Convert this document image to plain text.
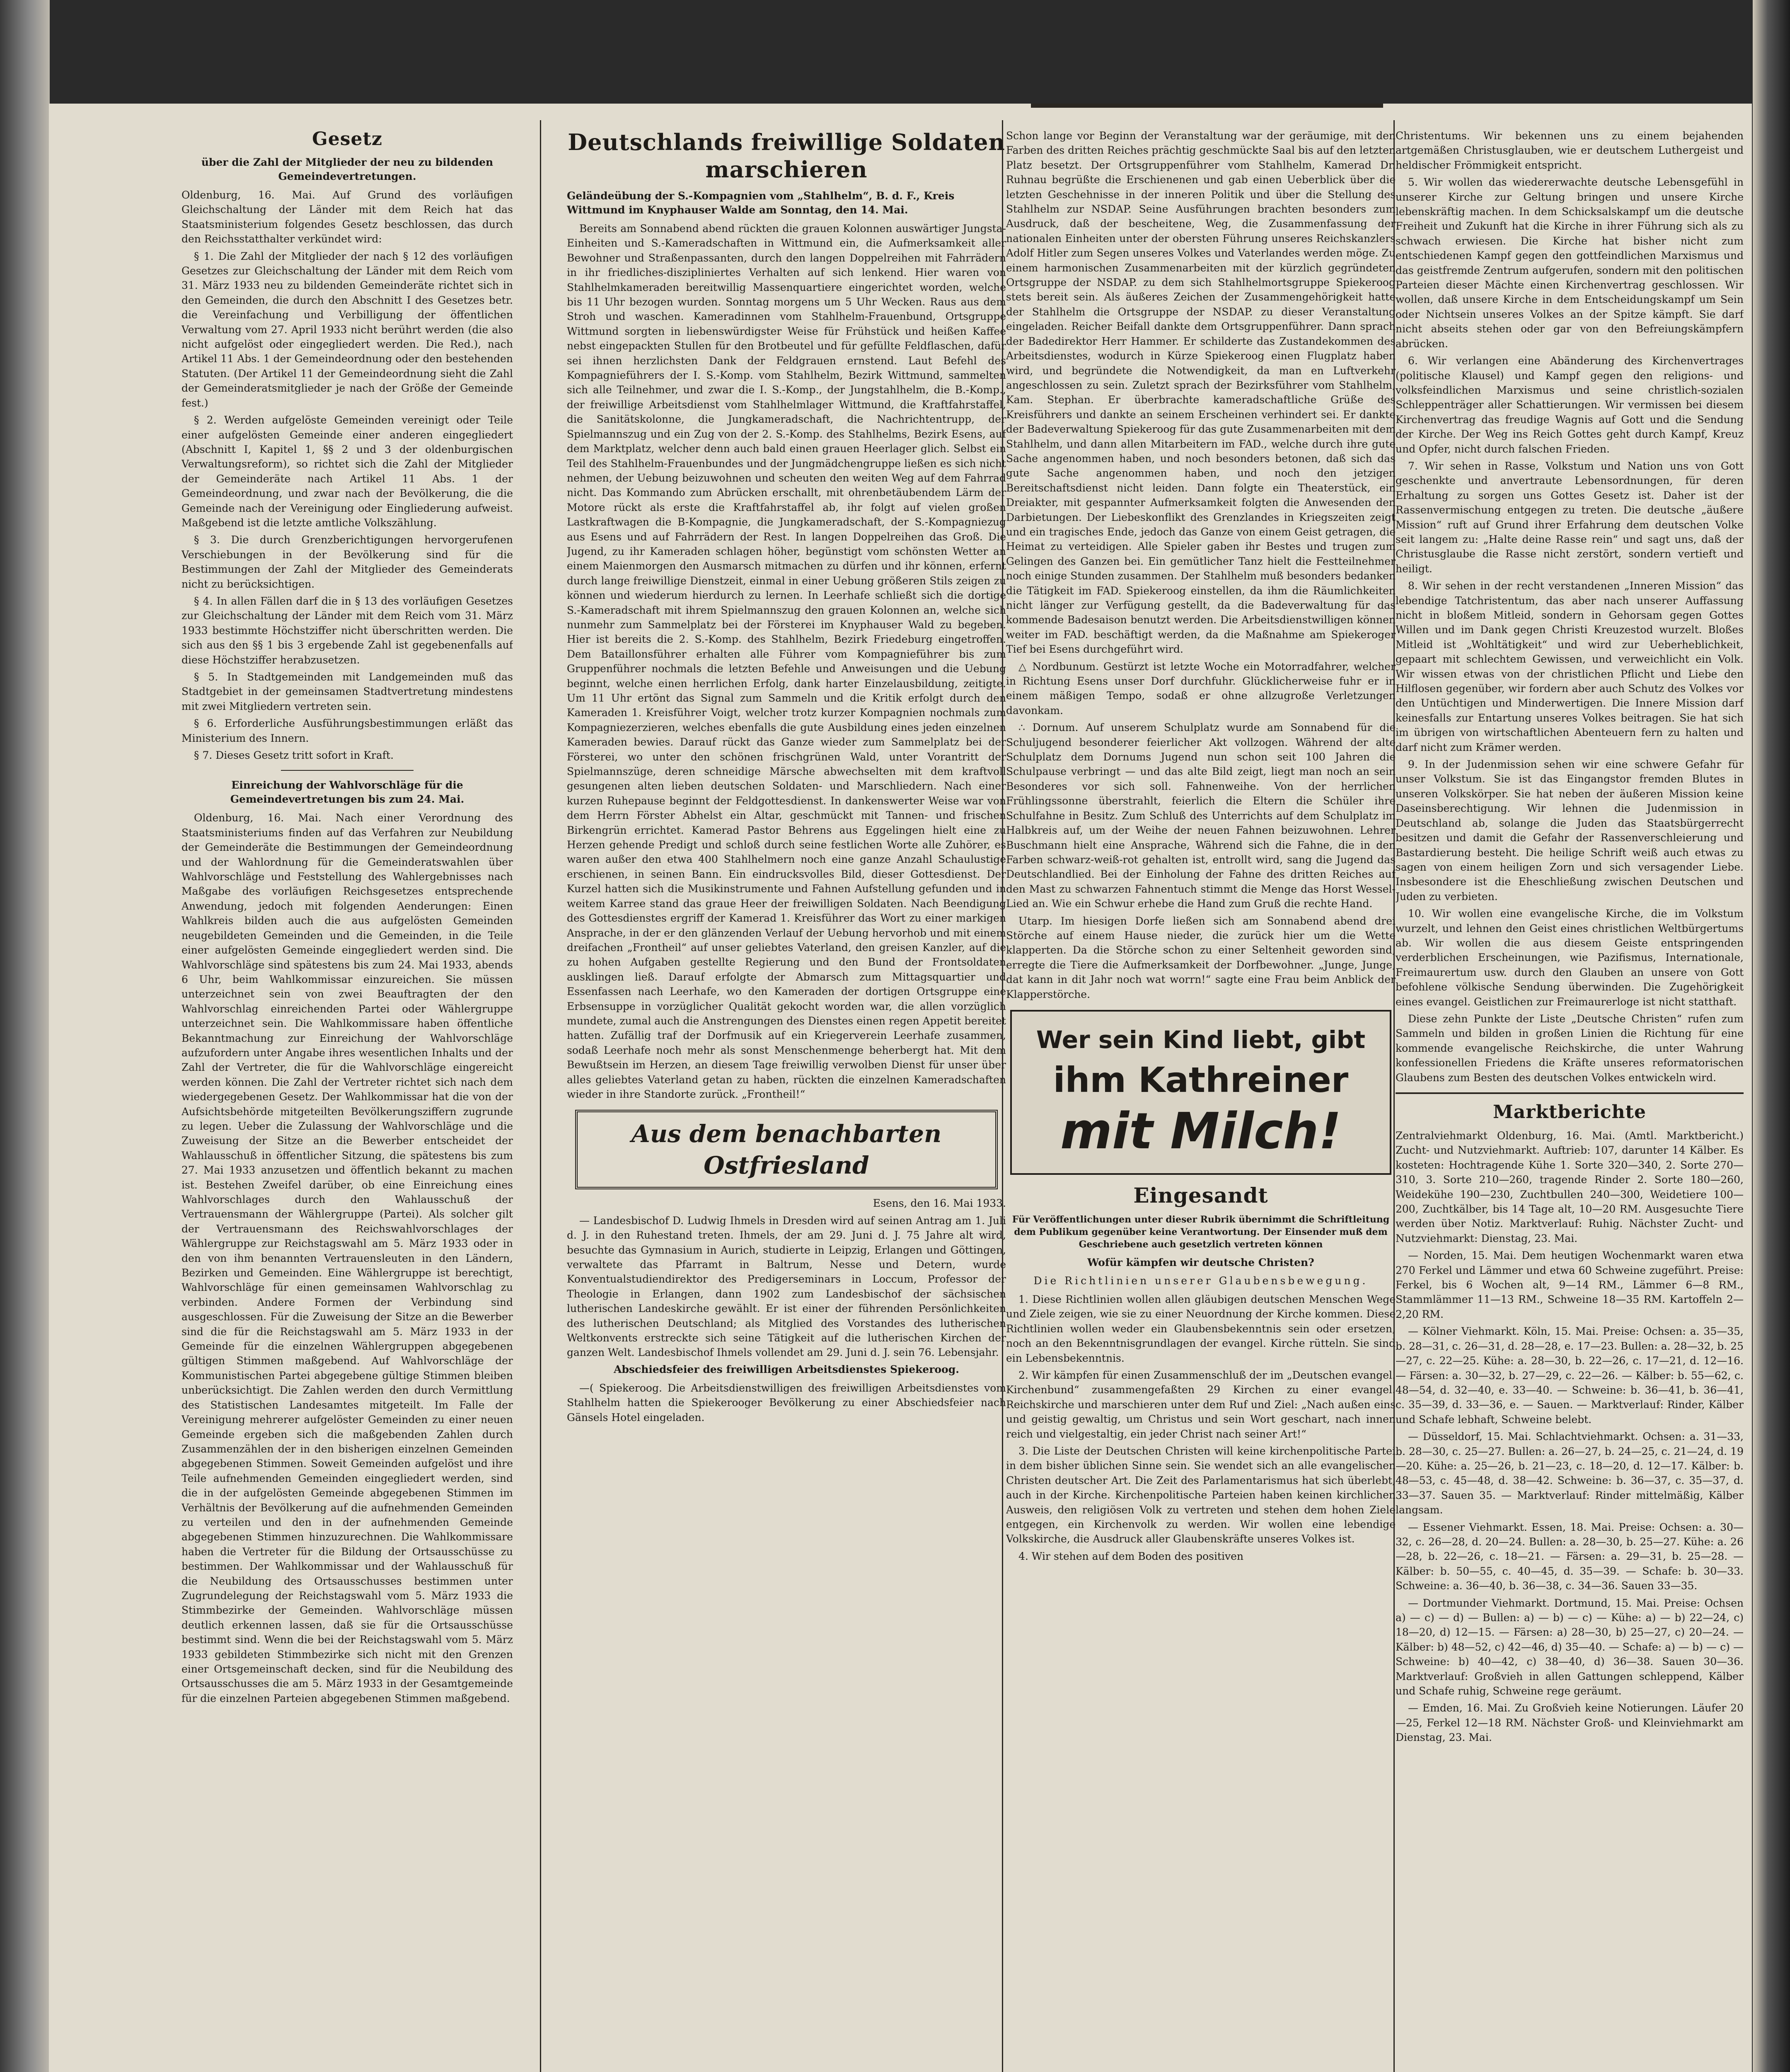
Gesetz
über die Zahl der Mitglieder der neu zu bildenden Gemeindevertretungen.

Oldenburg, 16. Mai. Auf Grund des vorläufigen Gleichschaltung der Länder mit dem Reich hat das Staatsministerium folgendes Gesetz beschlossen, das durch den Reichsstatthalter verkündet wird:

§ 1. Die Zahl der Mitglieder der nach § 12 des vorläufigen Gesetzes zur Gleichschaltung der Länder mit dem Reich vom 31. März 1933 neu zu bildenden Gemeinderäte richtet sich in den Gemeinden, die durch den Abschnitt I des Gesetzes betr. die Vereinfachung und Verbilligung der öffentlichen Verwaltung vom 27. April 1933 nicht berührt werden (die also nicht aufgelöst oder eingegliedert werden. Die Red.), nach Artikel 11 Abs. 1 der Gemeindeordnung oder den bestehenden Statuten. (Der Artikel 11 der Gemeindeordnung sieht die Zahl der Gemeinderatsmitglieder je nach der Größe der Gemeinde fest.)

§ 2. Werden aufgelöste Gemeinden vereinigt oder Teile einer aufgelösten Gemeinde einer anderen eingegliedert (Abschnitt I, Kapitel 1, §§ 2 und 3 der oldenburgischen Verwaltungsreform), so richtet sich die Zahl der Mitglieder der Gemeinderäte nach Artikel 11 Abs. 1 der Gemeindeordnung, und zwar nach der Bevölkerung, die die Gemeinde nach der Vereinigung oder Eingliederung aufweist. Maßgebend ist die letzte amtliche Volkszählung.

§ 3. Die durch Grenzberichtigungen hervorgerufenen Verschiebungen in der Bevölkerung sind für die Bestimmungen der Zahl der Mitglieder des Gemeinderats nicht zu berücksichtigen.

§ 4. In allen Fällen darf die in § 13 des vorläufigen Gesetzes zur Gleichschaltung der Länder mit dem Reich vom 31. März 1933 bestimmte Höchstziffer nicht überschritten werden. Die sich aus den §§ 1 bis 3 ergebende Zahl ist gegebenenfalls auf diese Höchstziffer herabzusetzen.

§ 5. In Stadtgemeinden mit Landgemeinden muß das Stadtgebiet in der gemeinsamen Stadtvertretung mindestens mit zwei Mitgliedern vertreten sein.

§ 6. Erforderliche Ausführungsbestimmungen erläßt das Ministerium des Innern.

§ 7. Dieses Gesetz tritt sofort in Kraft.

Einreichung der Wahlvorschläge für die Gemeindevertretungen bis zum 24. Mai.

Oldenburg, 16. Mai. Nach einer Verordnung des Staatsministeriums finden auf das Verfahren zur Neubildung der Gemeinderäte die Bestimmungen der Gemeindeordnung und der Wahlordnung für die Gemeinderatswahlen über Wahlvorschläge und Feststellung des Wahlergebnisses nach Maßgabe des vorläufigen Reichsgesetzes entsprechende Anwendung, jedoch mit folgenden Aenderungen: Einen Wahlkreis bilden auch die aus aufgelösten Gemeinden neugebildeten Gemeinden und die Gemeinden, in die Teile einer aufgelösten Gemeinde eingegliedert werden sind. Die Wahlvorschläge sind spätestens bis zum 24. Mai 1933, abends 6 Uhr, beim Wahlkommissar einzureichen. Sie müssen unterzeichnet sein von zwei Beauftragten der den Wahlvorschlag einreichenden Partei oder Wählergruppe unterzeichnet sein. Die Wahlkommissare haben öffentliche Bekanntmachung zur Einreichung der Wahlvorschläge aufzufordern unter Angabe ihres wesentlichen Inhalts und der Zahl der Vertreter, die für die Wahlvorschläge eingereicht werden können. Die Zahl der Vertreter richtet sich nach dem wiedergegebenen Gesetz. Der Wahlkommissar hat die von der Aufsichtsbehörde mitgeteilten Bevölkerungsziffern zugrunde zu legen. Ueber die Zulassung der Wahlvorschläge und die Zuweisung der Sitze an die Bewerber entscheidet der Wahlausschuß in öffentlicher Sitzung, die spätestens bis zum 27. Mai 1933 anzusetzen und öffentlich bekannt zu machen ist. Bestehen Zweifel darüber, ob eine Einreichung eines Wahlvorschlages durch den Wahlausschuß der Vertrauensmann der Wählergruppe (Partei). Als solcher gilt der Vertrauensmann des Reichswahlvorschlages der Wählergruppe zur Reichstagswahl am 5. März 1933 oder in den von ihm benannten Vertrauensleuten in den Ländern, Bezirken und Gemeinden. Eine Wählergruppe ist berechtigt, Wahlvorschläge für einen gemeinsamen Wahlvorschlag zu verbinden. Andere Formen der Verbindung sind ausgeschlossen. Für die Zuweisung der Sitze an die Bewerber sind die für die Reichstagswahl am 5. März 1933 in der Gemeinde für die einzelnen Wählergruppen abgegebenen gültigen Stimmen maßgebend. Auf Wahlvorschläge der Kommunistischen Partei abgegebene gültige Stimmen bleiben unberücksichtigt. Die Zahlen werden den durch Vermittlung des Statistischen Landesamtes mitgeteilt. Im Falle der Vereinigung mehrerer aufgelöster Gemeinden zu einer neuen Gemeinde ergeben sich die maßgebenden Zahlen durch Zusammenzählen der in den bisherigen einzelnen Gemeinden abgegebenen Stimmen. Soweit Gemeinden aufgelöst und ihre Teile aufnehmenden Gemeinden eingegliedert werden, sind die in der aufgelösten Gemeinde abgegebenen Stimmen im Verhältnis der Bevölkerung auf die aufnehmenden Gemeinden zu verteilen und den in der aufnehmenden Gemeinde abgegebenen Stimmen hinzuzurechnen. Die Wahlkommissare haben die Vertreter für die Bildung der Ortsausschüsse zu bestimmen. Der Wahlkommissar und der Wahlausschuß für die Neubildung des Ortsausschusses bestimmen unter Zugrundelegung der Reichstagswahl vom 5. März 1933 die Stimmbezirke der Gemeinden. Wahlvorschläge müssen deutlich erkennen lassen, daß sie für die Ortsausschüsse bestimmt sind. Wenn die bei der Reichstagswahl vom 5. März 1933 gebildeten Stimmbezirke sich nicht mit den Grenzen einer Ortsgemeinschaft decken, sind für die Neubildung des Ortsausschusses die am 5. März 1933 in der Gesamtgemeinde für die einzelnen Parteien abgegebenen Stimmen maßgebend.

Deutschlands freiwillige Soldaten marschieren
Geländeübung der S.-Kompagnien vom „Stahlhelm“, B. d. F., Kreis Wittmund im Knyphauser Walde am Sonntag, den 14. Mai.

Bereits am Sonnabend abend rückten die grauen Kolonnen auswärtiger Jungsta-Einheiten und S.-Kameradschaften in Wittmund ein, die Aufmerksamkeit aller Bewohner und Straßenpassanten, durch den langen Doppelreihen mit Fahrrädern in ihr friedliches-diszipliniertes Verhalten auf sich lenkend. Hier waren von Stahlhelmkameraden bereitwillig Massenquartiere eingerichtet worden, welche bis 11 Uhr bezogen wurden. Sonntag morgens um 5 Uhr Wecken. Raus aus dem Stroh und waschen. Kameradinnen vom Stahlhelm-Frauenbund, Ortsgruppe Wittmund sorgten in liebenswürdigster Weise für Frühstück und heißen Kaffee nebst eingepackten Stullen für den Brotbeutel und für gefüllte Feldflaschen, dafür sei ihnen herzlichsten Dank der Feldgrauen ernstend. Laut Befehl des Kompagnieführers der I. S.-Komp. vom Stahlhelm, Bezirk Wittmund, sammelten sich alle Teilnehmer, und zwar die I. S.-Komp., der Jungstahlhelm, die B.-Komp., der freiwillige Arbeitsdienst vom Stahlhelmlager Wittmund, die Kraftfahrstaffel, die Sanitätskolonne, die Jungkameradschaft, die Nachrichtentrupp, der Spielmannszug und ein Zug von der 2. S.-Komp. des Stahlhelms, Bezirk Esens, auf dem Marktplatz, welcher denn auch bald einen grauen Heerlager glich. Selbst ein Teil des Stahlhelm-Frauenbundes und der Jungmädchengruppe ließen es sich nicht nehmen, der Uebung beizuwohnen und scheuten den weiten Weg auf dem Fahrrad nicht. Das Kommando zum Abrücken erschallt, mit ohrenbetäubendem Lärm der Motore rückt als erste die Kraftfahrstaffel ab, ihr folgt auf vielen großen Lastkraftwagen die B-Kompagnie, die Jungkameradschaft, der S.-Kompagniezug aus Esens und auf Fahrrädern der Rest. In langen Doppelreihen das Groß. Die Jugend, zu ihr Kameraden schlagen höher, begünstigt vom schönsten Wetter an einem Maienmorgen den Ausmarsch mitmachen zu dürfen und ihr können, erfernt durch lange freiwillige Dienstzeit, einmal in einer Uebung größeren Stils zeigen zu können und wiederum hierdurch zu lernen. In Leerhafe schließt sich die dortige S.-Kameradschaft mit ihrem Spielmannszug den grauen Kolonnen an, welche sich nunmehr zum Sammelplatz bei der Försterei im Knyphauser Wald zu begeben. Hier ist bereits die 2. S.-Komp. des Stahlhelm, Bezirk Friedeburg eingetroffen. Dem Bataillonsführer erhalten alle Führer vom Kompagnieführer bis zum Gruppenführer nochmals die letzten Befehle und Anweisungen und die Uebung beginnt, welche einen herrlichen Erfolg, dank harter Einzelausbildung, zeitigte. Um 11 Uhr ertönt das Signal zum Sammeln und die Kritik erfolgt durch den Kameraden 1. Kreisführer Voigt, welcher trotz kurzer Kompagnien nochmals zum Kompagniezerzieren, welches ebenfalls die gute Ausbildung eines jeden einzelnen Kameraden bewies. Darauf rückt das Ganze wieder zum Sammelplatz bei der Försterei, wo unter den schönen frischgrünen Wald, unter Vorantritt der Spielmannszüge, deren schneidige Märsche abwechselten mit dem kraftvoll gesungenen alten lieben deutschen Soldaten- und Marschliedern. Nach einer kurzen Ruhepause beginnt der Feldgottesdienst. In dankenswerter Weise war von dem Herrn Förster Abhelst ein Altar, geschmückt mit Tannen- und frischen Birkengrün errichtet. Kamerad Pastor Behrens aus Eggelingen hielt eine zu Herzen gehende Predigt und schloß durch seine festlichen Worte alle Zuhörer, es waren außer den etwa 400 Stahlhelmern noch eine ganze Anzahl Schaulustige erschienen, in seinen Bann. Ein eindrucksvolles Bild, dieser Gottesdienst. Der Kurzel hatten sich die Musikinstrumente und Fahnen Aufstellung gefunden und in weitem Karree stand das graue Heer der freiwilligen Soldaten. Nach Beendigung des Gottesdienstes ergriff der Kamerad 1. Kreisführer das Wort zu einer markigen Ansprache, in der er den glänzenden Verlauf der Uebung hervorhob und mit einem dreifachen „Frontheil“ auf unser geliebtes Vaterland, den greisen Kanzler, auf die zu hohen Aufgaben gestellte Regierung und den Bund der Frontsoldaten ausklingen ließ. Darauf erfolgte der Abmarsch zum Mittagsquartier und Essenfassen nach Leerhafe, wo den Kameraden der dortigen Ortsgruppe eine Erbsensuppe in vorzüglicher Qualität gekocht worden war, die allen vorzüglich mundete, zumal auch die Anstrengungen des Dienstes einen regen Appetit bereitet hatten. Zufällig traf der Dorfmusik auf ein Kriegerverein Leerhafe zusammen, sodaß Leerhafe noch mehr als sonst Menschenmenge beherbergt hat. Mit dem Bewußtsein im Herzen, an diesem Tage freiwillig verwolben Dienst für unser über alles geliebtes Vaterland getan zu haben, rückten die einzelnen Kameradschaften wieder in ihre Standorte zurück. „Frontheil!“

Aus dem benachbarten Ostfriesland

Esens, den 16. Mai 1933.

— Landesbischof D. Ludwig Ihmels in Dresden wird auf seinen Antrag am 1. Juli d. J. in den Ruhestand treten. Ihmels, der am 29. Juni d. J. 75 Jahre alt wird, besuchte das Gymnasium in Aurich, studierte in Leipzig, Erlangen und Göttingen, verwaltete das Pfarramt in Baltrum, Nesse und Detern, wurde Konventualstudiendirektor des Predigerseminars in Loccum, Professor der Theologie in Erlangen, dann 1902 zum Landesbischof der sächsischen lutherischen Landeskirche gewählt. Er ist einer der führenden Persönlichkeiten des lutherischen Deutschland; als Mitglied des Vorstandes des lutherischen Weltkonvents erstreckte sich seine Tätigkeit auf die lutherischen Kirchen der ganzen Welt. Landesbischof Ihmels vollendet am 29. Juni d. J. sein 76. Lebensjahr.

Abschiedsfeier des freiwilligen Arbeitsdienstes Spiekeroog.

—( Spiekeroog. Die Arbeitsdienstwilligen des freiwilligen Arbeitsdienstes vom Stahlhelm hatten die Spiekerooger Bevölkerung zu einer Abschiedsfeier nach Gänsels Hotel eingeladen.

Schon lange vor Beginn der Veranstaltung war der geräumige, mit den Farben des dritten Reiches prächtig geschmückte Saal bis auf den letzten Platz besetzt. Der Ortsgruppenführer vom Stahlhelm, Kamerad Dr. Ruhnau begrüßte die Erschienenen und gab einen Ueberblick über die letzten Geschehnisse in der inneren Politik und über die Stellung des Stahlhelm zur NSDAP. Seine Ausführungen brachten besonders zum Ausdruck, daß der bescheitene, Weg, die Zusammenfassung der nationalen Einheiten unter der obersten Führung unseres Reichskanzlers Adolf Hitler zum Segen unseres Volkes und Vaterlandes werden möge. Zu einem harmonischen Zusammenarbeiten mit der kürzlich gegründeten Ortsgruppe der NSDAP. zu dem sich Stahlhelmortsgruppe Spiekeroog stets bereit sein. Als äußeres Zeichen der Zusammengehörigkeit hatte der Stahlhelm die Ortsgruppe der NSDAP. zu dieser Veranstaltung eingeladen. Reicher Beifall dankte dem Ortsgruppenführer. Dann sprach der Badedirektor Herr Hammer. Er schilderte das Zustandekommen des Arbeitsdienstes, wodurch in Kürze Spiekeroog einen Flugplatz haben wird, und begründete die Notwendigkeit, da man en Luftverkehr angeschlossen zu sein. Zuletzt sprach der Bezirksführer vom Stahlhelm, Kam. Stephan. Er überbrachte kameradschaftliche Grüße des Kreisführers und dankte an seinem Erscheinen verhindert sei. Er dankte der Badeverwaltung Spiekeroog für das gute Zusammenarbeiten mit dem Stahlhelm, und dann allen Mitarbeitern im FAD., welche durch ihre gute Sache angenommen haben, und noch besonders betonen, daß sich das gute Sache angenommen haben, und noch den jetzigen Bereitschaftsdienst nicht leiden. Dann folgte ein Theaterstück, ein Dreiakter, mit gespannter Aufmerksamkeit folgten die Anwesenden den Darbietungen. Der Liebeskonflikt des Grenzlandes in Kriegszeiten zeigt und ein tragisches Ende, jedoch das Ganze von einem Geist getragen, die Heimat zu verteidigen. Alle Spieler gaben ihr Bestes und trugen zum Gelingen des Ganzen bei. Ein gemütlicher Tanz hielt die Festteilnehmer noch einige Stunden zusammen. Der Stahlhelm muß besonders bedanken die Tätigkeit im FAD. Spiekeroog einstellen, da ihm die Räumlichkeiten nicht länger zur Verfügung gestellt, da die Badeverwaltung für das kommende Badesaison benutzt werden. Die Arbeitsdienstwilligen können weiter im FAD. beschäftigt werden, da die Maßnahme am Spiekeroger Tief bei Esens durchgeführt wird.

△ Nordbunum. Gestürzt ist letzte Woche ein Motorradfahrer, welcher in Richtung Esens unser Dorf durchfuhr. Glücklicherweise fuhr er in einem mäßigen Tempo, sodaß er ohne allzugroße Verletzungen davonkam.

∴ Dornum. Auf unserem Schulplatz wurde am Sonnabend für die Schuljugend besonderer feierlicher Akt vollzogen. Während der alte Schulplatz dem Dornums Jugend nun schon seit 100 Jahren die Schulpause verbringt — und das alte Bild zeigt, liegt man noch an sein Besonderes vor sich soll. Fahnenweihe. Von der herrlichen Frühlingssonne überstrahlt, feierlich die Eltern die Schüler ihre Schulfahne in Besitz. Zum Schluß des Unterrichts auf dem Schulplatz im Halbkreis auf, um der Weihe der neuen Fahnen beizuwohnen. Lehrer Buschmann hielt eine Ansprache, Während sich die Fahne, die in den Farben schwarz-weiß-rot gehalten ist, entrollt wird, sang die Jugend das Deutschlandlied. Bei der Einholung der Fahne des dritten Reiches auf den Mast zu schwarzen Fahnentuch stimmt die Menge das Horst Wessel-Lied an. Wie ein Schwur erhebe die Hand zum Gruß die rechte Hand.

Utarp. Im hiesigen Dorfe ließen sich am Sonnabend abend drei Störche auf einem Hause nieder, die zurück hier um die Wette klapperten. Da die Störche schon zu einer Seltenheit geworden sind, erregte die Tiere die Aufmerksamkeit der Dorfbewohner. „Junge, Junge, dat kann in dit Jahr noch wat worrn!“ sagte eine Frau beim Anblick der Klapperstörche.

Wer sein Kind liebt, gibt
ihm Kathreiner
mit Milch!
Eingesandt
Für Veröffentlichungen unter dieser Rubrik übernimmt die Schriftleitung dem Publikum gegenüber keine Verantwortung. Der Einsender muß dem Geschriebene auch gesetzlich vertreten können
Wofür kämpfen wir deutsche Christen?
Die Richtlinien unserer Glaubensbewegung.

1. Diese Richtlinien wollen allen gläubigen deutschen Menschen Wege und Ziele zeigen, wie sie zu einer Neuordnung der Kirche kommen. Diese Richtlinien wollen weder ein Glaubensbekenntnis sein oder ersetzen, noch an den Bekenntnisgrundlagen der evangel. Kirche rütteln. Sie sind ein Lebensbekenntnis.

2. Wir kämpfen für einen Zusammenschluß der im „Deutschen evangel. Kirchenbund“ zusammengefaßten 29 Kirchen zu einer evangel. Reichskirche und marschieren unter dem Ruf und Ziel: „Nach außen eins und geistig gewaltig, um Christus und sein Wort geschart, nach innen reich und vielgestaltig, ein jeder Christ nach seiner Art!“

3. Die Liste der Deutschen Christen will keine kirchenpolitische Partei in dem bisher üblichen Sinne sein. Sie wendet sich an alle evangelischen Christen deutscher Art. Die Zeit des Parlamentarismus hat sich überlebt, auch in der Kirche. Kirchenpolitische Parteien haben keinen kirchlichen Ausweis, den religiösen Volk zu vertreten und stehen dem hohen Ziele entgegen, ein Kirchenvolk zu werden. Wir wollen eine lebendige Volkskirche, die Ausdruck aller Glaubenskräfte unseres Volkes ist.

4. Wir stehen auf dem Boden des positiven

Christentums. Wir bekennen uns zu einem bejahenden artgemäßen Christusglauben, wie er deutschem Luthergeist und heldischer Frömmigkeit entspricht.

5. Wir wollen das wiedererwachte deutsche Lebensgefühl in unserer Kirche zur Geltung bringen und unsere Kirche lebenskräftig machen. In dem Schicksalskampf um die deutsche Freiheit und Zukunft hat die Kirche in ihrer Führung sich als zu schwach erwiesen. Die Kirche hat bisher nicht zum entschiedenen Kampf gegen den gottfeindlichen Marxismus und das geistfremde Zentrum aufgerufen, sondern mit den politischen Parteien dieser Mächte einen Kirchenvertrag geschlossen. Wir wollen, daß unsere Kirche in dem Entscheidungskampf um Sein oder Nichtsein unseres Volkes an der Spitze kämpft. Sie darf nicht abseits stehen oder gar von den Befreiungskämpfern abrücken.

6. Wir verlangen eine Abänderung des Kirchenvertrages (politische Klausel) und Kampf gegen den religions- und volksfeindlichen Marxismus und seine christlich-sozialen Schleppenträger aller Schattierungen. Wir vermissen bei diesem Kirchenvertrag das freudige Wagnis auf Gott und die Sendung der Kirche. Der Weg ins Reich Gottes geht durch Kampf, Kreuz und Opfer, nicht durch falschen Frieden.

7. Wir sehen in Rasse, Volkstum und Nation uns von Gott geschenkte und anvertraute Lebensordnungen, für deren Erhaltung zu sorgen uns Gottes Gesetz ist. Daher ist der Rassenvermischung entgegen zu treten. Die deutsche „äußere Mission“ ruft auf Grund ihrer Erfahrung dem deutschen Volke seit langem zu: „Halte deine Rasse rein“ und sagt uns, daß der Christusglaube die Rasse nicht zerstört, sondern vertieft und heiligt.

8. Wir sehen in der recht verstandenen „Inneren Mission“ das lebendige Tatchristentum, das aber nach unserer Auffassung nicht in bloßem Mitleid, sondern in Gehorsam gegen Gottes Willen und im Dank gegen Christi Kreuzestod wurzelt. Bloßes Mitleid ist „Wohltätigkeit“ und wird zur Ueberheblichkeit, gepaart mit schlechtem Gewissen, und verweichlicht ein Volk. Wir wissen etwas von der christlichen Pflicht und Liebe den Hilflosen gegenüber, wir fordern aber auch Schutz des Volkes vor den Untüchtigen und Minderwertigen. Die Innere Mission darf keinesfalls zur Entartung unseres Volkes beitragen. Sie hat sich im übrigen von wirtschaftlichen Abenteuern fern zu halten und darf nicht zum Krämer werden.

9. In der Judenmission sehen wir eine schwere Gefahr für unser Volkstum. Sie ist das Eingangstor fremden Blutes in unseren Volkskörper. Sie hat neben der äußeren Mission keine Daseinsberechtigung. Wir lehnen die Judenmission in Deutschland ab, solange die Juden das Staatsbürgerrecht besitzen und damit die Gefahr der Rassenverschleierung und Bastardierung besteht. Die heilige Schrift weiß auch etwas zu sagen von einem heiligen Zorn und sich versagender Liebe. Insbesondere ist die Eheschließung zwischen Deutschen und Juden zu verbieten.

10. Wir wollen eine evangelische Kirche, die im Volkstum wurzelt, und lehnen den Geist eines christlichen Weltbürgertums ab. Wir wollen die aus diesem Geiste entspringenden verderblichen Erscheinungen, wie Pazifismus, Internationale, Freimaurertum usw. durch den Glauben an unsere von Gott befohlene völkische Sendung überwinden. Die Zugehörigkeit eines evangel. Geistlichen zur Freimaurerloge ist nicht statthaft.

Diese zehn Punkte der Liste „Deutsche Christen“ rufen zum Sammeln und bilden in großen Linien die Richtung für eine kommende evangelische Reichskirche, die unter Wahrung konfessionellen Friedens die Kräfte unseres reformatorischen Glaubens zum Besten des deutschen Volkes entwickeln wird.

Marktberichte

Zentralviehmarkt Oldenburg, 16. Mai. (Amtl. Marktbericht.) Zucht- und Nutzviehmarkt. Auftrieb: 107, darunter 14 Kälber. Es kosteten: Hochtragende Kühe 1. Sorte 320—340, 2. Sorte 270—310, 3. Sorte 210—260, tragende Rinder 2. Sorte 180—260, Weidekühe 190—230, Zuchtbullen 240—300, Weidetiere 100—200, Zuchtkälber, bis 14 Tage alt, 10—20 RM. Ausgesuchte Tiere werden über Notiz. Marktverlauf: Ruhig. Nächster Zucht- und Nutzviehmarkt: Dienstag, 23. Mai.

— Norden, 15. Mai. Dem heutigen Wochenmarkt waren etwa 270 Ferkel und Lämmer und etwa 60 Schweine zugeführt. Preise: Ferkel, bis 6 Wochen alt, 9—14 RM., Lämmer 6—8 RM., Stammlämmer 11—13 RM., Schweine 18—35 RM. Kartoffeln 2—2,20 RM.

— Kölner Viehmarkt. Köln, 15. Mai. Preise: Ochsen: a. 35—35, b. 28—31, c. 26—31, d. 28—28, e. 17—23. Bullen: a. 28—32, b. 25—27, c. 22—25. Kühe: a. 28—30, b. 22—26, c. 17—21, d. 12—16. — Färsen: a. 30—32, b. 27—29, c. 22—26. — Kälber: b. 55—62, c. 48—54, d. 32—40, e. 33—40. — Schweine: b. 36—41, b. 36—41, c. 35—39, d. 33—36, e. — Sauen. — Marktverlauf: Rinder, Kälber und Schafe lebhaft, Schweine belebt.

— Düsseldorf, 15. Mai. Schlachtviehmarkt. Ochsen: a. 31—33, b. 28—30, c. 25—27. Bullen: a. 26—27, b. 24—25, c. 21—24, d. 19—20. Kühe: a. 25—26, b. 21—23, c. 18—20, d. 12—17. Kälber: b. 48—53, c. 45—48, d. 38—42. Schweine: b. 36—37, c. 35—37, d. 33—37. Sauen 35. — Marktverlauf: Rinder mittelmäßig, Kälber langsam.

— Essener Viehmarkt. Essen, 18. Mai. Preise: Ochsen: a. 30—32, c. 26—28, d. 20—24. Bullen: a. 28—30, b. 25—27. Kühe: a. 26—28, b. 22—26, c. 18—21. — Färsen: a. 29—31, b. 25—28. — Kälber: b. 50—55, c. 40—45, d. 35—39. — Schafe: b. 30—33. Schweine: a. 36—40, b. 36—38, c. 34—36. Sauen 33—35.

— Dortmunder Viehmarkt. Dortmund, 15. Mai. Preise: Ochsen a) — c) — d) — Bullen: a) — b) — c) — Kühe: a) — b) 22—24, c) 18—20, d) 12—15. — Färsen: a) 28—30, b) 25—27, c) 20—24. — Kälber: b) 48—52, c) 42—46, d) 35—40. — Schafe: a) — b) — c) — Schweine: b) 40—42, c) 38—40, d) 36—38. Sauen 30—36. Marktverlauf: Großvieh in allen Gattungen schleppend, Kälber und Schafe ruhig, Schweine rege geräumt.

— Emden, 16. Mai. Zu Großvieh keine Notierungen. Läufer 20—25, Ferkel 12—18 RM. Nächster Groß- und Kleinviehmarkt am Dienstag, 23. Mai.
